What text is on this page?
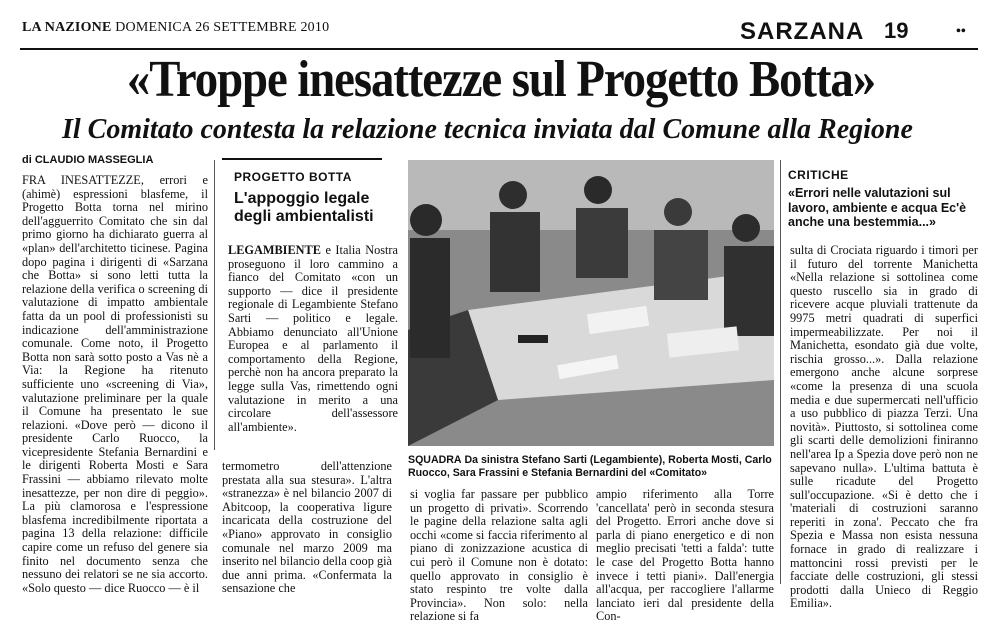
LA NAZIONE DOMENICA 26 SETTEMBRE 2010	SARZANA 19	••
«Troppe inesattezze sul Progetto Botta»
Il Comitato contesta la relazione tecnica inviata dal Comune alla Regione
di CLAUDIO MASSEGLIA

FRA INESATTEZZE, errori e (ahimè) espressioni blasfeme, il Progetto Botta torna nel mirino dell'agguerrito Comitato che sin dal primo giorno ha dichiarato guerra al «plan» dell'architetto ticinese. Pagina dopo pagina i dirigenti di «Sarzana che Botta» si sono letti tutta la relazione della verifica o screening di valutazione di impatto ambientale fatta da un pool di professionisti su indicazione dell'amministrazione comunale. Come noto, il Progetto Botta non sarà sotto posto a Vas nè a Via: la Regione ha ritenuto sufficiente uno «screening di Via», valutazione preliminare per la quale il Comune ha presentato le sue relazioni. «Dove però — dicono il presidente Carlo Ruocco, la vicepresidente Stefania Bernardini e le dirigenti Roberta Mosti e Sara Frassini — abbiamo rilevato molte inesattezze, per non dire di peggio». La più clamorosa e l'espressione blasfema incredibilmente riportata a pagina 13 della relazione: difficile capire come un refuso del genere sia finito nel documento senza che nessuno dei relatori se ne sia accorto. «Solo questo — dice Ruocco — è il

PROGETTO BOTTA
L'appoggio legale degli ambientalisti

LEGAMBIENTE e Italia Nostra proseguono il loro cammino a fianco del Comitato «con un supporto — dice il presidente regionale di Legambiente Stefano Sarti — politico e legale. Abbiamo denunciato all'Unione Europea e al parlamento il comportamento della Regione, perchè non ha ancora preparato la legge sulla Vas, rimettendo ogni valutazione in merito a una circolare dell'assessore all'ambiente».

SQUADRA Da sinistra Stefano Sarti (Legambiente), Roberta Mosti, Carlo Ruocco, Sara Frassini e Stefania Bernardini del «Comitato»
CRITICHE
«Errori nelle valutazioni sul lavoro, ambiente e acqua Ec'è anche una bestemmia...»

sulta di Crociata riguardo i timori per il futuro del torrente Manichetta «Nella relazione si sottolinea come questo ruscello sia in grado di ricevere acque pluviali trattenute da 9975 metri quadrati di superfici impermeabilizzate. Per noi il Manichetta, esondato già due volte, rischia grosso...». Dalla relazione emergono anche alcune sorprese «come la presenza di una scuola media e due supermercati nell'ufficio a uso pubblico di piazza Terzi. Una novità». Piuttosto, si sottolinea come gli scarti delle demolizioni finiranno nell'area Ip a Spezia dove però non ne sapevano nulla». L'ultima battuta è sulle ricadute del Progetto sull'occupazione. «Si è detto che i 'materiali di costruzioni saranno reperiti in zona'. Peccato che fra Spezia e Massa non esista nessuna fornace in grado di realizzare i mattoncini rossi previsti per le facciate delle costruzioni, gli stessi prodotti dalla Unieco di Reggio Emilia».

termometro dell'attenzione prestata alla sua stesura». L'altra «stranezza» è nel bilancio 2007 di Abitcoop, la cooperativa ligure incaricata della costruzione del «Piano» approvato in consiglio comunale nel marzo 2009 ma inserito nel bilancio della coop già due anni prima. «Confermata la sensazione che

si voglia far passare per pubblico un progetto di privati». Scorrendo le pagine della relazione salta agli occhi «come si faccia riferimento al piano di zonizzazione acustica di cui però il Comune non è dotato: quello approvato in consiglio è stato respinto tre volte dalla Provincia». Non solo: nella relazione si fa

ampio riferimento alla Torre 'cancellata' però in seconda stesura del Progetto. Errori anche dove si parla di piano energetico e di non meglio precisati 'tetti a falda': tutte le case del Progetto Botta hanno invece i tetti piani». Dall'energia all'acqua, per raccogliere l'allarme lanciato ieri dal presidente della Con-
